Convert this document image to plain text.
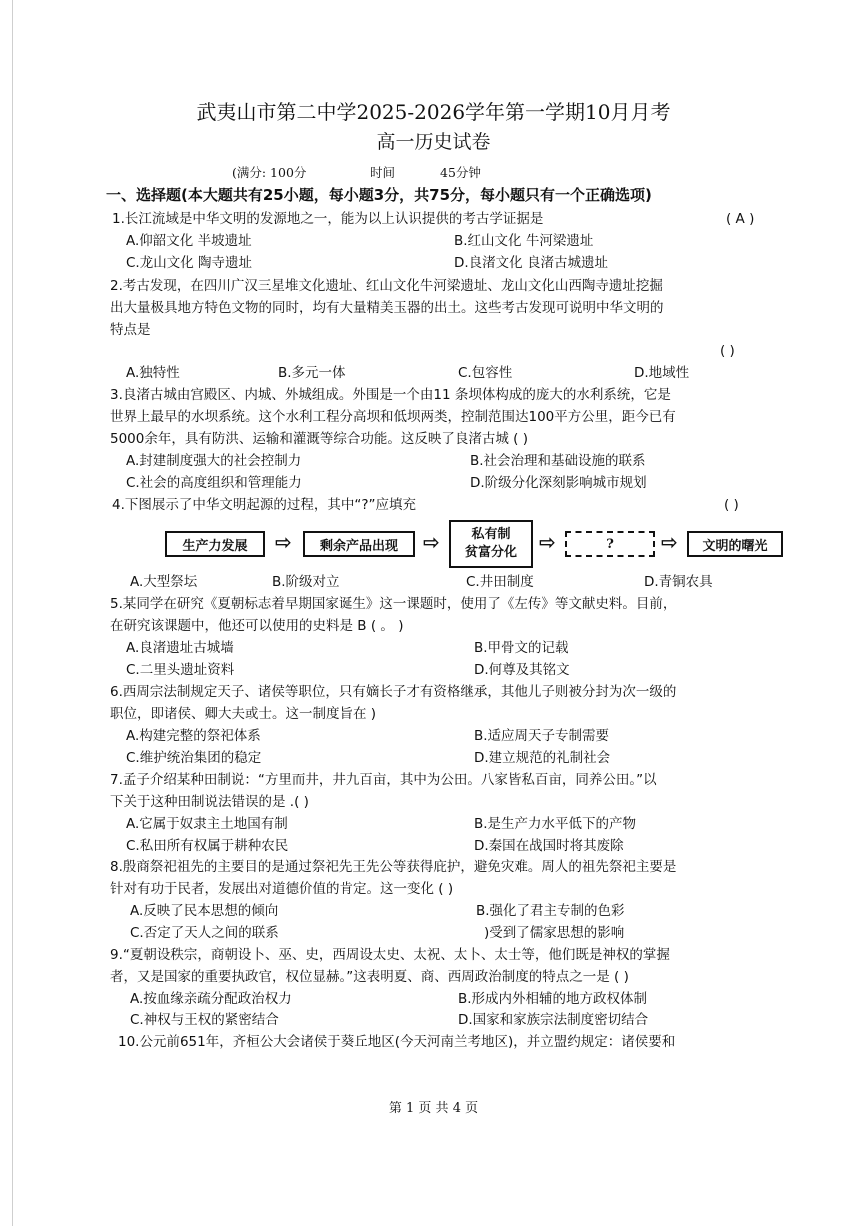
武夷山市第二中学2025-2026学年第一学期10月月考
高一历史试卷
(满分: 100分	时间	45分钟
一、选择题(本大题共有25小题，每小题3分，共75分，每小题只有一个正确选项)
1.长江流域是中华文明的发源地之一，能为以上认识提供的考古学证据是	( A )
A.仰韶文化 半坡遗址	B.红山文化 牛河梁遗址
C.龙山文化 陶寺遗址	D.良渚文化 良渚古城遗址
2.考古发现，在四川广汉三星堆文化遗址、红山文化牛河梁遗址、龙山文化山西陶寺遗址挖掘
出大量极具地方特色文物的同时，均有大量精美玉器的出土。这些考古发现可说明中华文明的
特点是
( )
A.独特性	B.多元一体	C.包容性	D.地域性
3.良渚古城由宫殿区、内城、外城组成。外围是一个由11 条坝体构成的庞大的水利系统，它是
世界上最早的水坝系统。这个水利工程分高坝和低坝两类，控制范围达100平方公里，距今已有
5000余年，具有防洪、运输和灌溉等综合功能。这反映了良渚古城 ( )
A.封建制度强大的社会控制力	B.社会治理和基础设施的联系
C.社会的高度组织和管理能力	D.阶级分化深刻影响城市规划
4.下图展示了中华文明起源的过程，其中“?”应填充	( )
生产力发展	⇨	剩余产品出现	⇨ 私有制
贫富分化 ⇨	?	⇨	文明的曙光
A.大型祭坛	B.阶级对立	C.井田制度	D.青铜农具
5.某同学在研究《夏朝标志着早期国家诞生》这一课题时，使用了《左传》等文献史料。目前，
在研究该课题中，他还可以使用的史料是 B ( 。 )
A.良渚遗址古城墙	B.甲骨文的记载
C.二里头遗址资料	D.何尊及其铭文
6.西周宗法制规定天子、诸侯等职位，只有嫡长子才有资格继承，其他儿子则被分封为次一级的
职位，即诸侯、卿大夫或士。这一制度旨在 )
A.构建完整的祭祀体系	B.适应周天子专制需要
C.维护统治集团的稳定	D.建立规范的礼制社会
7.孟子介绍某种田制说：“方里而井，井九百亩，其中为公田。八家皆私百亩，同养公田。”以
下关于这种田制说法错误的是 .( )
A.它属于奴隶主土地国有制	B.是生产力水平低下的产物
C.私田所有权属于耕种农民	D.秦国在战国时将其废除
8.殷商祭祀祖先的主要目的是通过祭祀先王先公等获得庇护，避免灾难。周人的祖先祭祀主要是
针对有功于民者，发展出对道德价值的肯定。这一变化 ( )
A.反映了民本思想的倾向	B.强化了君主专制的色彩
C.否定了天人之间的联系	)受到了儒家思想的影响
9.“夏朝设秩宗，商朝设卜、巫、史，西周设太史、太祝、太卜、太士等，他们既是神权的掌握
者，又是国家的重要执政官，权位显赫。”这表明夏、商、西周政治制度的特点之一是 ( )
A.按血缘亲疏分配政治权力	B.形成内外相辅的地方政权体制
C.神权与王权的紧密结合	D.国家和家族宗法制度密切结合
10.公元前651年，齐桓公大会诸侯于葵丘地区(今天河南兰考地区)，并立盟约规定：诸侯要和
第 1 页 共 4 页
